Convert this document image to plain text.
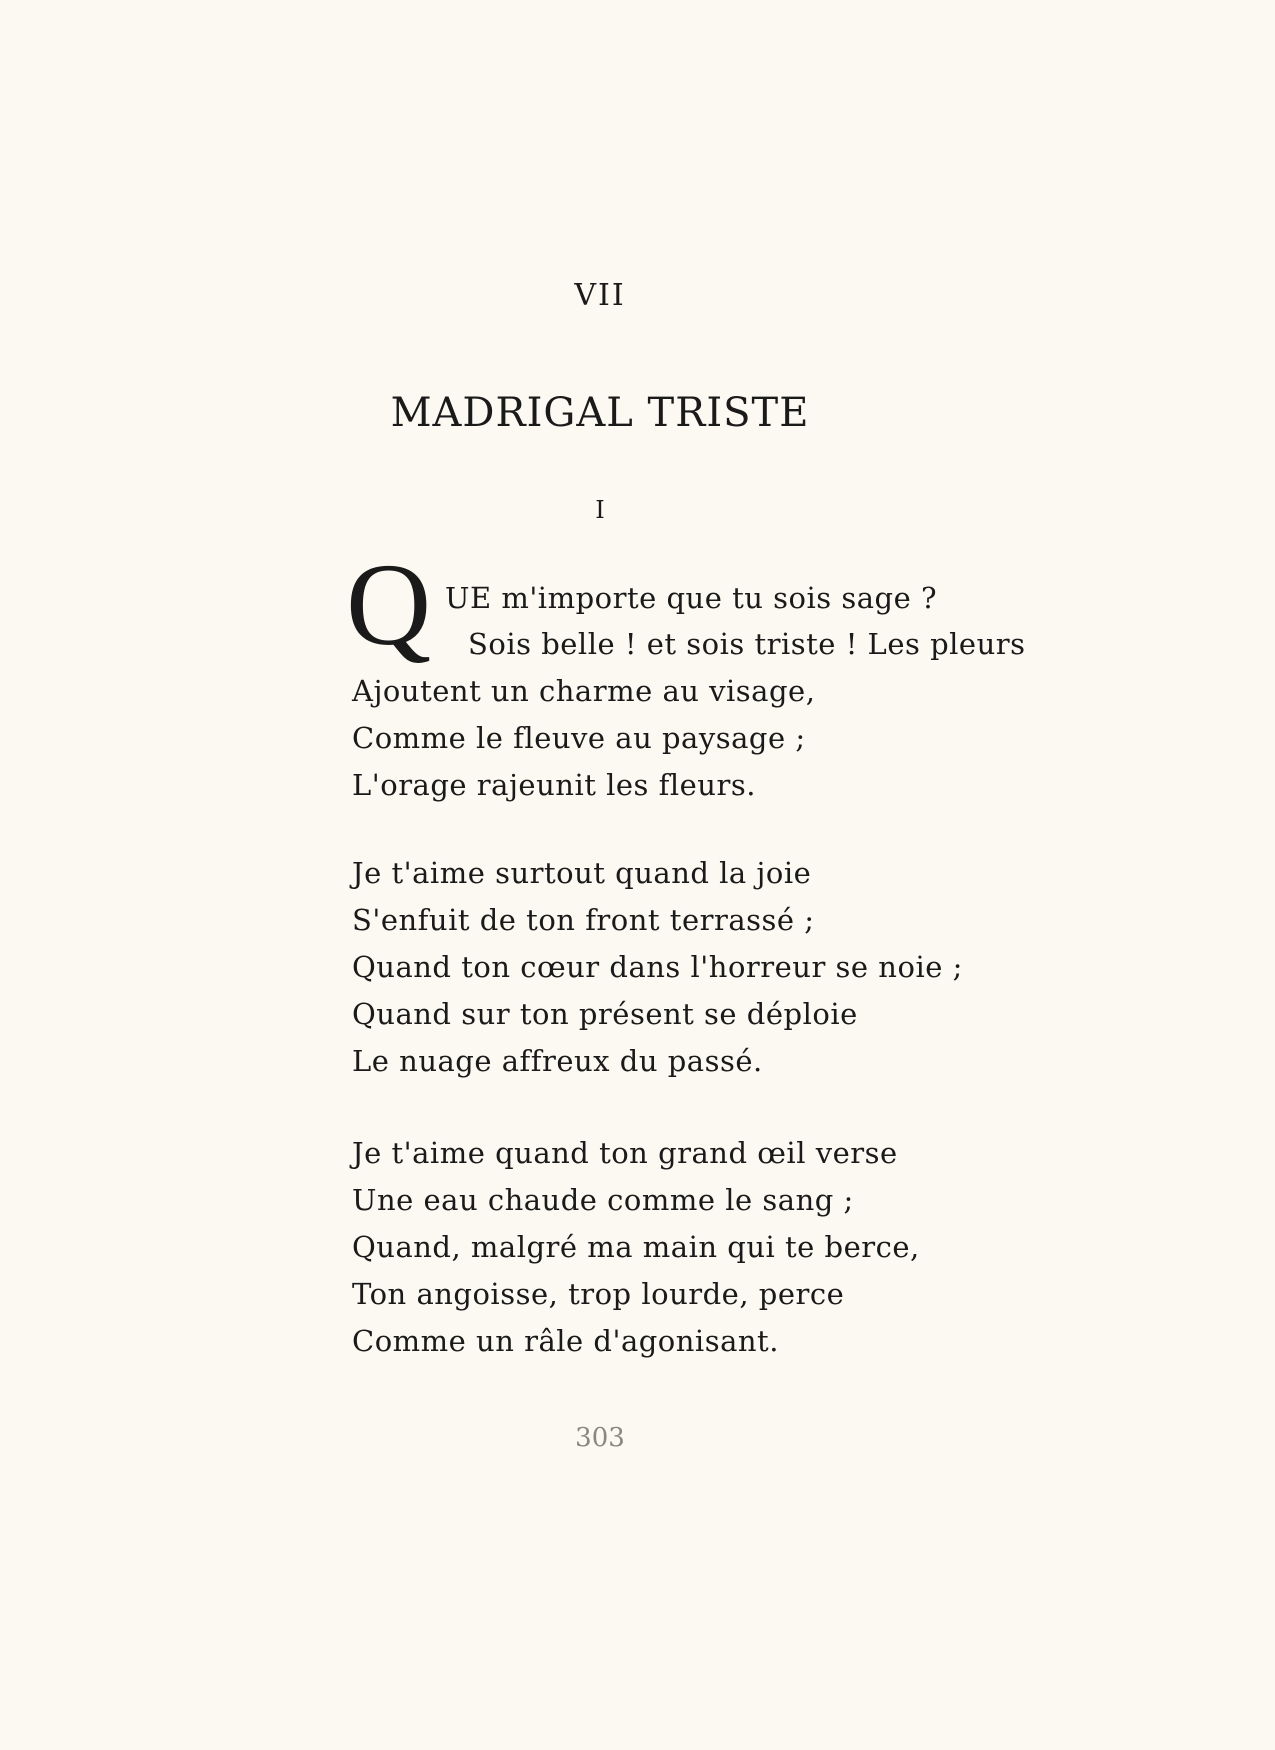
VII
MADRIGAL TRISTE
I
Q UE m'importe que tu sois sage ?
Sois belle ! et sois triste ! Les pleurs
Ajoutent un charme au visage,
Comme le fleuve au paysage ;
L'orage rajeunit les fleurs.
Je t'aime surtout quand la joie
S'enfuit de ton front terrassé ;
Quand ton cœur dans l'horreur se noie ;
Quand sur ton présent se déploie
Le nuage affreux du passé.
Je t'aime quand ton grand œil verse
Une eau chaude comme le sang ;
Quand, malgré ma main qui te berce,
Ton angoisse, trop lourde, perce
Comme un râle d'agonisant.
303
